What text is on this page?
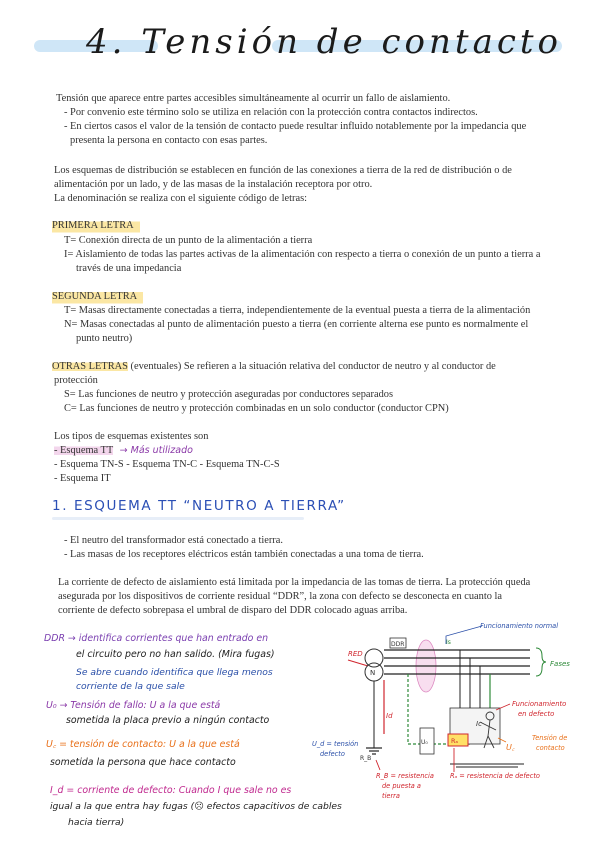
4. Tensión de contacto
Tensión que aparece entre partes accesibles simultáneamente al ocurrir un fallo de aislamiento.
- Por convenio este término solo se utiliza en relación con la protección contra contactos indirectos.
- En ciertos casos el valor de la tensión de contacto puede resultar influido notablemente por la impedancia que
presenta la persona en contacto con esas partes.
Los esquemas de distribución se establecen en función de las conexiones a tierra de la red de distribución o de
alimentación por un lado, y de las masas de la instalación receptora por otro.
La denominación se realiza con el siguiente código de letras:
PRIMERA LETRA
T= Conexión directa de un punto de la alimentación a tierra
I= Aislamiento de todas las partes activas de la alimentación con respecto a tierra o conexión de un punto a tierra a
través de una impedancia
SEGUNDA LETRA
T= Masas directamente conectadas a tierra, independientemente de la eventual puesta a tierra de la alimentación
N= Masas conectadas al punto de alimentación puesto a tierra (en corriente alterna ese punto es normalmente el
punto neutro)
OTRAS LETRAS (eventuales) Se refieren a la situación relativa del conductor de neutro y al conductor de
protección
S= Las funciones de neutro y protección aseguradas por conductores separados
C= Las funciones de neutro y protección combinadas en un solo conductor (conductor CPN)
Los tipos de esquemas existentes son
- Esquema TT → Más utilizado
- Esquema TN-S - Esquema TN-C - Esquema TN-C-S
- Esquema IT
1. ESQUEMA TT “NEUTRO A TIERRA”
- El neutro del transformador está conectado a tierra.
- Las masas de los receptores eléctricos están también conectadas a una toma de tierra.
La corriente de defecto de aislamiento está limitada por la impedancia de las tomas de tierra. La protección queda
asegurada por los dispositivos de corriente residual “DDR”, la zona con defecto se desconecta en cuanto la
corriente de defecto sobrepasa el umbral de disparo del DDR colocado aguas arriba.
DDR → identifica corrientes que han entrado en
el circuito pero no han salido. (Mira fugas)
Se abre cuando identifica que llega menos
corriente de la que sale
U₀ → Tensión de fallo: U a la que está
sometida la placa previo a ningún contacto
U꜀ = tensión de contacto: U a la que está
sometida la persona que hace contacto
I_d = corriente de defecto: Cuando I que sale no es
igual a la que entra hay fugas (☹ efectos capacitivos de cables
hacia tierra)
RED
N
DDR
Fases
Funcionamiento normal
Is
R_B
Id
Rₐ
U₀
Ic
Funcionamiento
en defecto
U꜀
Tensión de
contacto
U_d = tensión
defecto
R_B = resistencia
de puesta a
tierra
Rₐ = resistencia de defecto
